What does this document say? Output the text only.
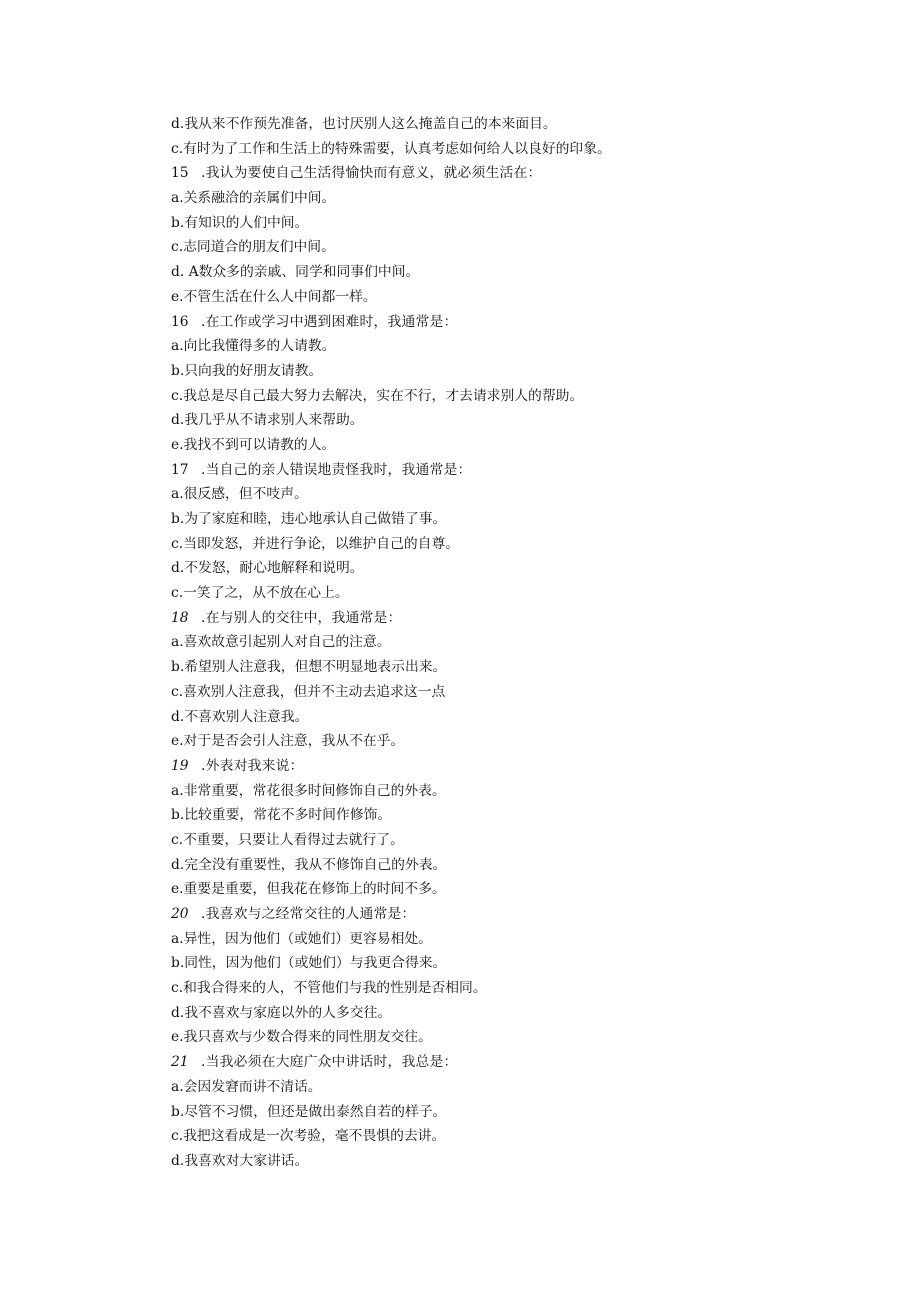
d.我从来不作预先准备，也讨厌别人这么掩盖自己的本来面目。
c.有时为了工作和生活上的特殊需要，认真考虑如何给人以良好的印象。
15 .我认为要使自己生活得愉快而有意义，就必须生活在：
a.关系融洽的亲属们中间。
b.有知识的人们中间。
c.志同道合的朋友们中间。
d. A数众多的亲戚、同学和同事们中间。
e.不管生活在什么人中间都一样。
16 .在工作或学习中遇到困难时，我通常是：
a.向比我懂得多的人请教。
b.只向我的好朋友请教。
c.我总是尽自己最大努力去解决，实在不行，才去请求别人的帮助。
d.我几乎从不请求别人来帮助。
e.我找不到可以请教的人。
17 .当自己的亲人错误地责怪我时，我通常是：
a.很反感，但不吱声。
b.为了家庭和睦，违心地承认自己做错了事。
c.当即发怒，并进行争论，以维护自己的自尊。
d.不发怒，耐心地解释和说明。
c.一笑了之，从不放在心上。
18 .在与别人的交往中，我通常是：
a.喜欢故意引起别人对自己的注意。
b.希望别人注意我，但想不明显地表示出来。
c.喜欢别人注意我，但并不主动去追求这一点
d.不喜欢别人注意我。
e.对于是否会引人注意，我从不在乎。
19 .外表对我来说：
a.非常重要，常花很多时间修饰自己的外表。
b.比较重要，常花不多时间作修饰。
c.不重要，只要让人看得过去就行了。
d.完全没有重要性，我从不修饰自己的外表。
e.重要是重要，但我花在修饰上的时间不多。
20 .我喜欢与之经常交往的人通常是：
a.异性，因为他们（或她们）更容易相处。
b.同性，因为他们（或她们）与我更合得来。
c.和我合得来的人，不管他们与我的性别是否相同。
d.我不喜欢与家庭以外的人多交往。
e.我只喜欢与少数合得来的同性朋友交往。
21 .当我必须在大庭广众中讲话时，我总是：
a.会因发窘而讲不清话。
b.尽管不习惯，但还是做出泰然自若的样子。
c.我把这看成是一次考验，毫不畏惧的去讲。
d.我喜欢对大家讲话。
